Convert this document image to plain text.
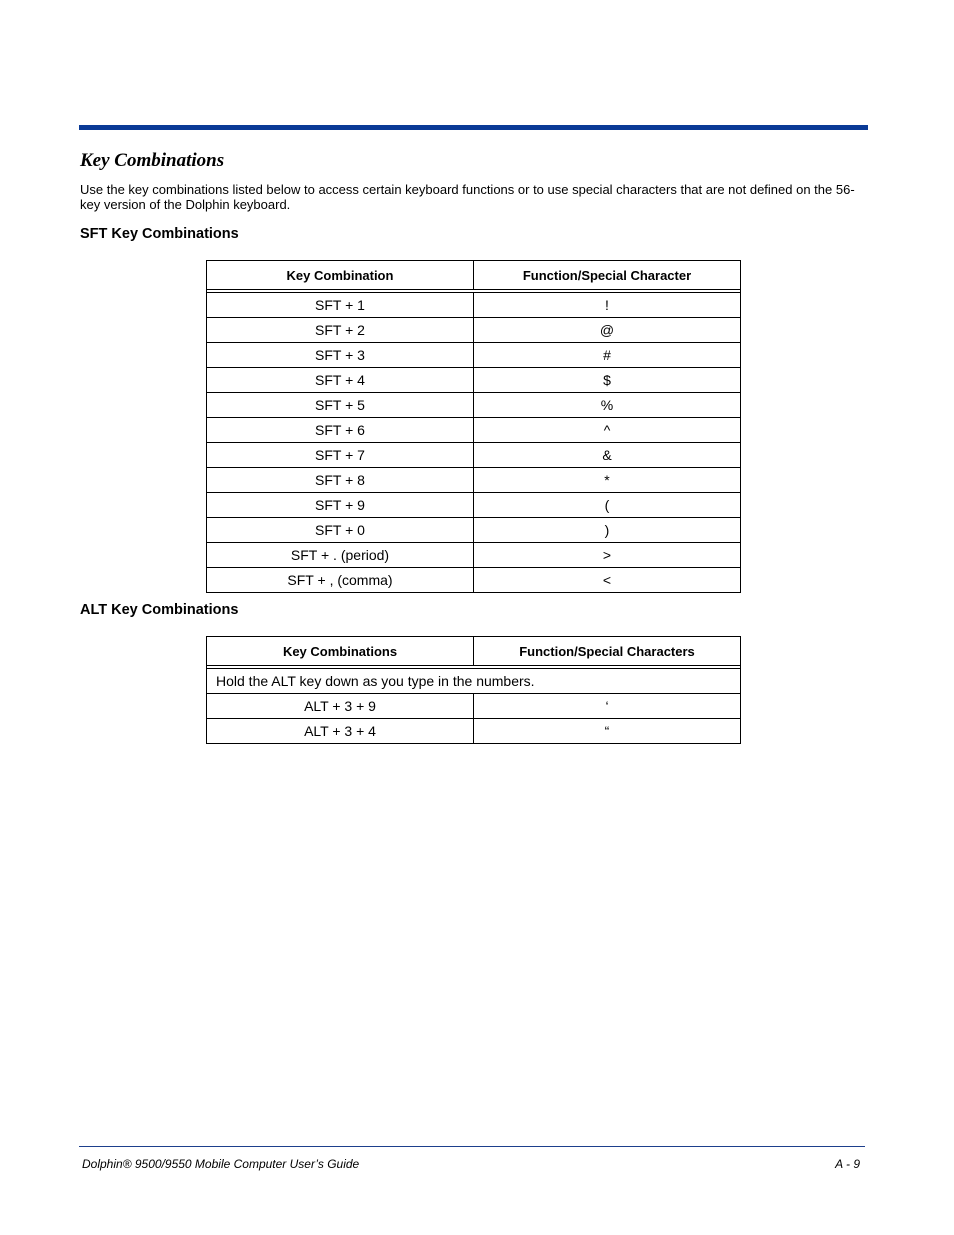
Key Combinations

Use the key combinations listed below to access certain keyboard functions or to use special characters that are not defined on the 56-key version of the Dolphin keyboard.

SFT Key Combinations
Key Combination	Function/Special Character

SFT + 1	!
SFT + 2	@
SFT + 3	#
SFT + 4	$
SFT + 5	%
SFT + 6	^
SFT + 7	&
SFT + 8	*
SFT + 9	(
SFT + 0	)
SFT + . (period)	>
SFT + , (comma)	<
ALT Key Combinations
Key Combinations	Function/Special Characters

Hold the ALT key down as you type in the numbers.	
ALT + 3 + 9	‘
ALT + 3 + 4	“
Dolphin® 9500/9550 Mobile Computer User’s Guide	A - 9
